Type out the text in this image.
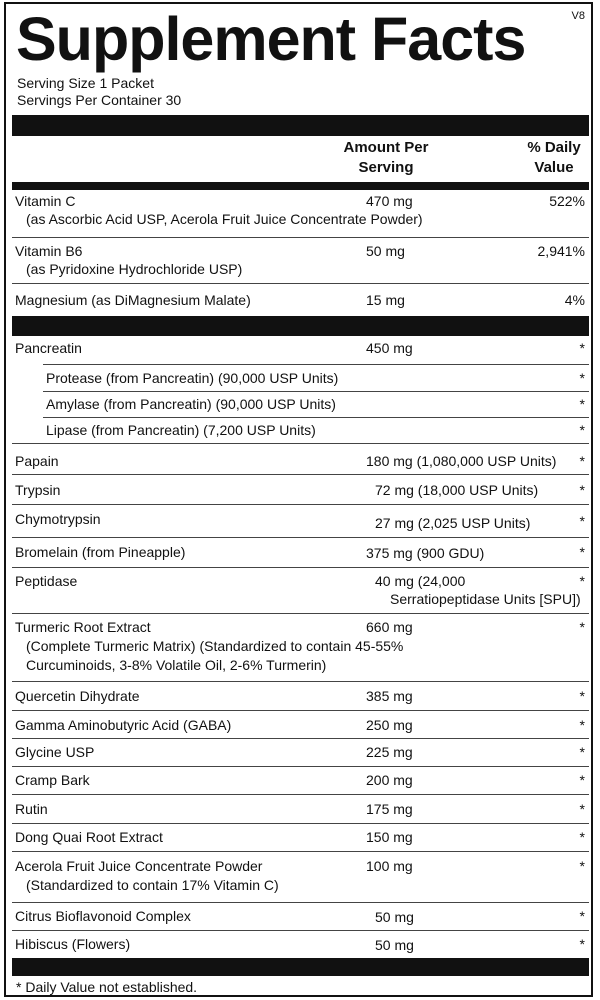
Supplement Facts	V8
Serving Size 1 Packet
Servings Per Container 30
Amount Per
Serving
% Daily
Value
Vitamin C
(as Ascorbic Acid USP, Acerola Fruit Juice Concentrate Powder)
470 mg	522%
Vitamin B6
(as Pyridoxine Hydrochloride USP)
50 mg	2,941%
Magnesium (as DiMagnesium Malate)	15 mg	4%
Pancreatin	450 mg	*
Protease (from Pancreatin) (90,000 USP Units)	*
Amylase (from Pancreatin) (90,000 USP Units)	*
Lipase (from Pancreatin) (7,200 USP Units)	*
Papain	180 mg (1,080,000 USP Units) *
Trypsin	72 mg (18,000 USP Units)	*
Chymotrypsin	27 mg (2,025 USP Units)	*
Bromelain (from Pineapple)	375 mg (900 GDU)	*
Peptidase	40 mg (24,000
Serratiopeptidase Units [SPU])
*
Turmeric Root Extract
(Complete Turmeric Matrix) (Standardized to contain 45-55%
Curcuminoids, 3-8% Volatile Oil, 2-6% Turmerin)
660 mg	*
Quercetin Dihydrate	385 mg	*
Gamma Aminobutyric Acid (GABA)	250 mg	*
Glycine USP	225 mg	*
Cramp Bark	200 mg	*
Rutin	175 mg	*
Dong Quai Root Extract	150 mg	*
Acerola Fruit Juice Concentrate Powder
(Standardized to contain 17% Vitamin C)
100 mg	*
Citrus Bioflavonoid Complex	50 mg	*
Hibiscus (Flowers)	50 mg	*
* Daily Value not established.
